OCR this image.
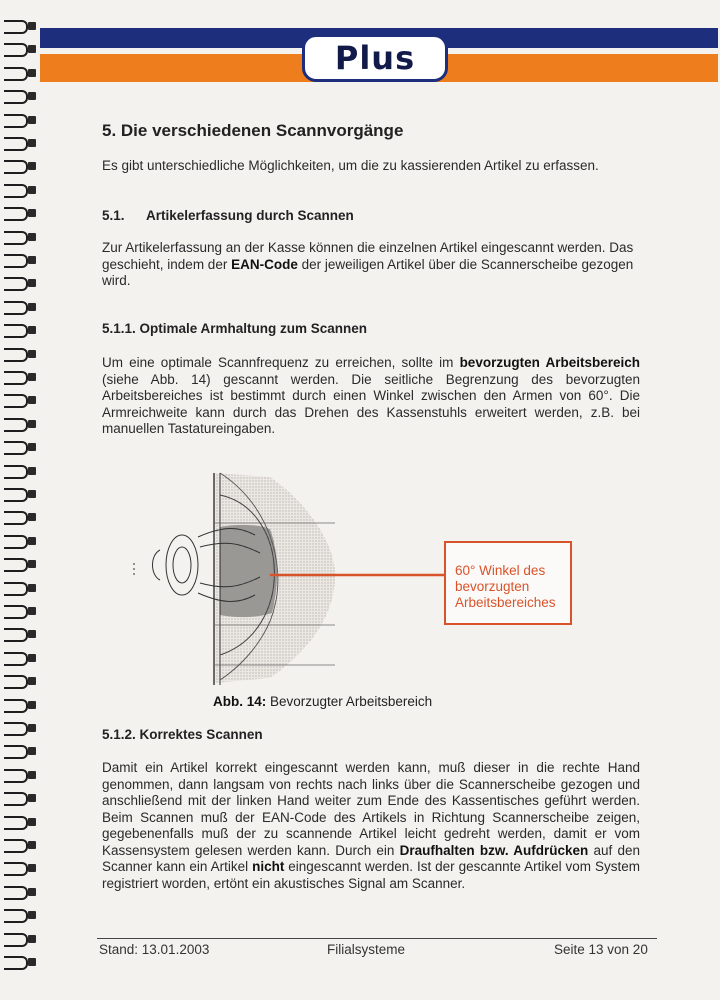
Plus
5. Die verschiedenen Scannvorgänge
Es gibt unterschiedliche Möglichkeiten, um die zu kassierenden Artikel zu erfassen.
5.1. Artikelerfassung durch Scannen
Zur Artikelerfassung an der Kasse können die einzelnen Artikel eingescannt werden. Das geschieht, indem der EAN-Code der jeweiligen Artikel über die Scannerscheibe gezogen wird.
5.1.1. Optimale Armhaltung zum Scannen
Um eine optimale Scannfrequenz zu erreichen, sollte im bevorzugten Arbeitsbereich (siehe Abb. 14) gescannt werden. Die seitliche Begrenzung des bevorzugten Arbeitsbereiches ist bestimmt durch einen Winkel zwischen den Armen von 60°. Die Armreichweite kann durch das Drehen des Kassenstuhls erweitert werden, z.B. bei manuellen Tastatureingaben.
60° Winkel des bevorzugten Arbeitsbereiches
Abb. 14: Bevorzugter Arbeitsbereich
5.1.2. Korrektes Scannen
Damit ein Artikel korrekt eingescannt werden kann, muß dieser in die rechte Hand genommen, dann langsam von rechts nach links über die Scannerscheibe gezogen und anschließend mit der linken Hand weiter zum Ende des Kassentisches geführt werden. Beim Scannen muß der EAN-Code des Artikels in Richtung Scannerscheibe zeigen, gegebenenfalls muß der zu scannende Artikel leicht gedreht werden, damit er vom Kassensystem gelesen werden kann. Durch ein Draufhalten bzw. Aufdrücken auf den Scanner kann ein Artikel nicht eingescannt werden. Ist der gescannte Artikel vom System registriert worden, ertönt ein akustisches Signal am Scanner.
Stand: 13.01.2003	Filialsysteme	Seite 13 von 20
